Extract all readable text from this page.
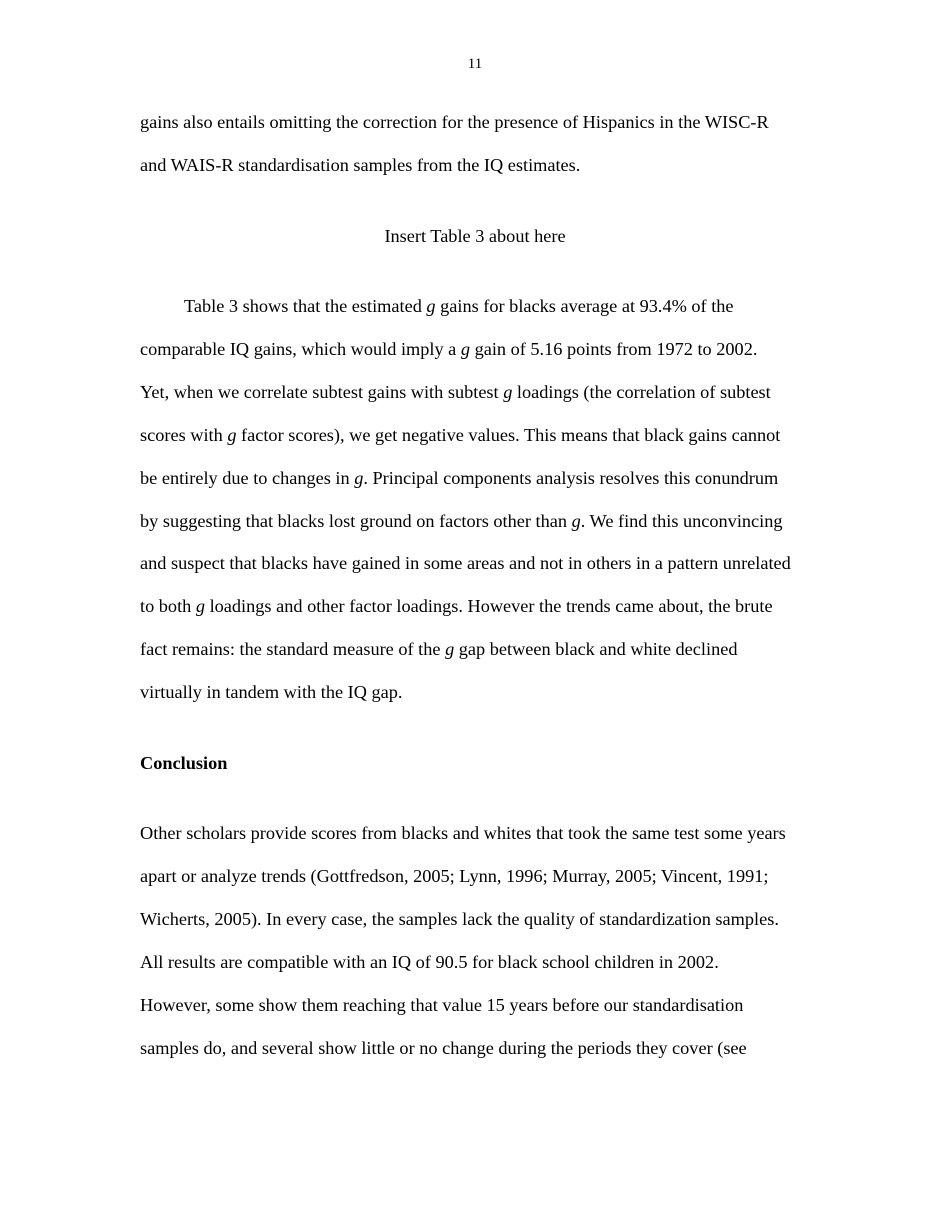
11
gains also entails omitting the correction for the presence of Hispanics in the WISC-R
and WAIS-R standardisation samples from the IQ estimates.
Insert Table 3 about here
Table 3 shows that the estimated g gains for blacks average at 93.4% of the
comparable IQ gains, which would imply a g gain of 5.16 points from 1972 to 2002.
Yet, when we correlate subtest gains with subtest g loadings (the correlation of subtest
scores with g factor scores), we get negative values. This means that black gains cannot
be entirely due to changes in g. Principal components analysis resolves this conundrum
by suggesting that blacks lost ground on factors other than g. We find this unconvincing
and suspect that blacks have gained in some areas and not in others in a pattern unrelated
to both g loadings and other factor loadings. However the trends came about, the brute
fact remains: the standard measure of the g gap between black and white declined
virtually in tandem with the IQ gap.
Conclusion
Other scholars provide scores from blacks and whites that took the same test some years
apart or analyze trends (Gottfredson, 2005; Lynn, 1996; Murray, 2005; Vincent, 1991;
Wicherts, 2005). In every case, the samples lack the quality of standardization samples.
All results are compatible with an IQ of 90.5 for black school children in 2002.
However, some show them reaching that value 15 years before our standardisation
samples do, and several show little or no change during the periods they cover (see
